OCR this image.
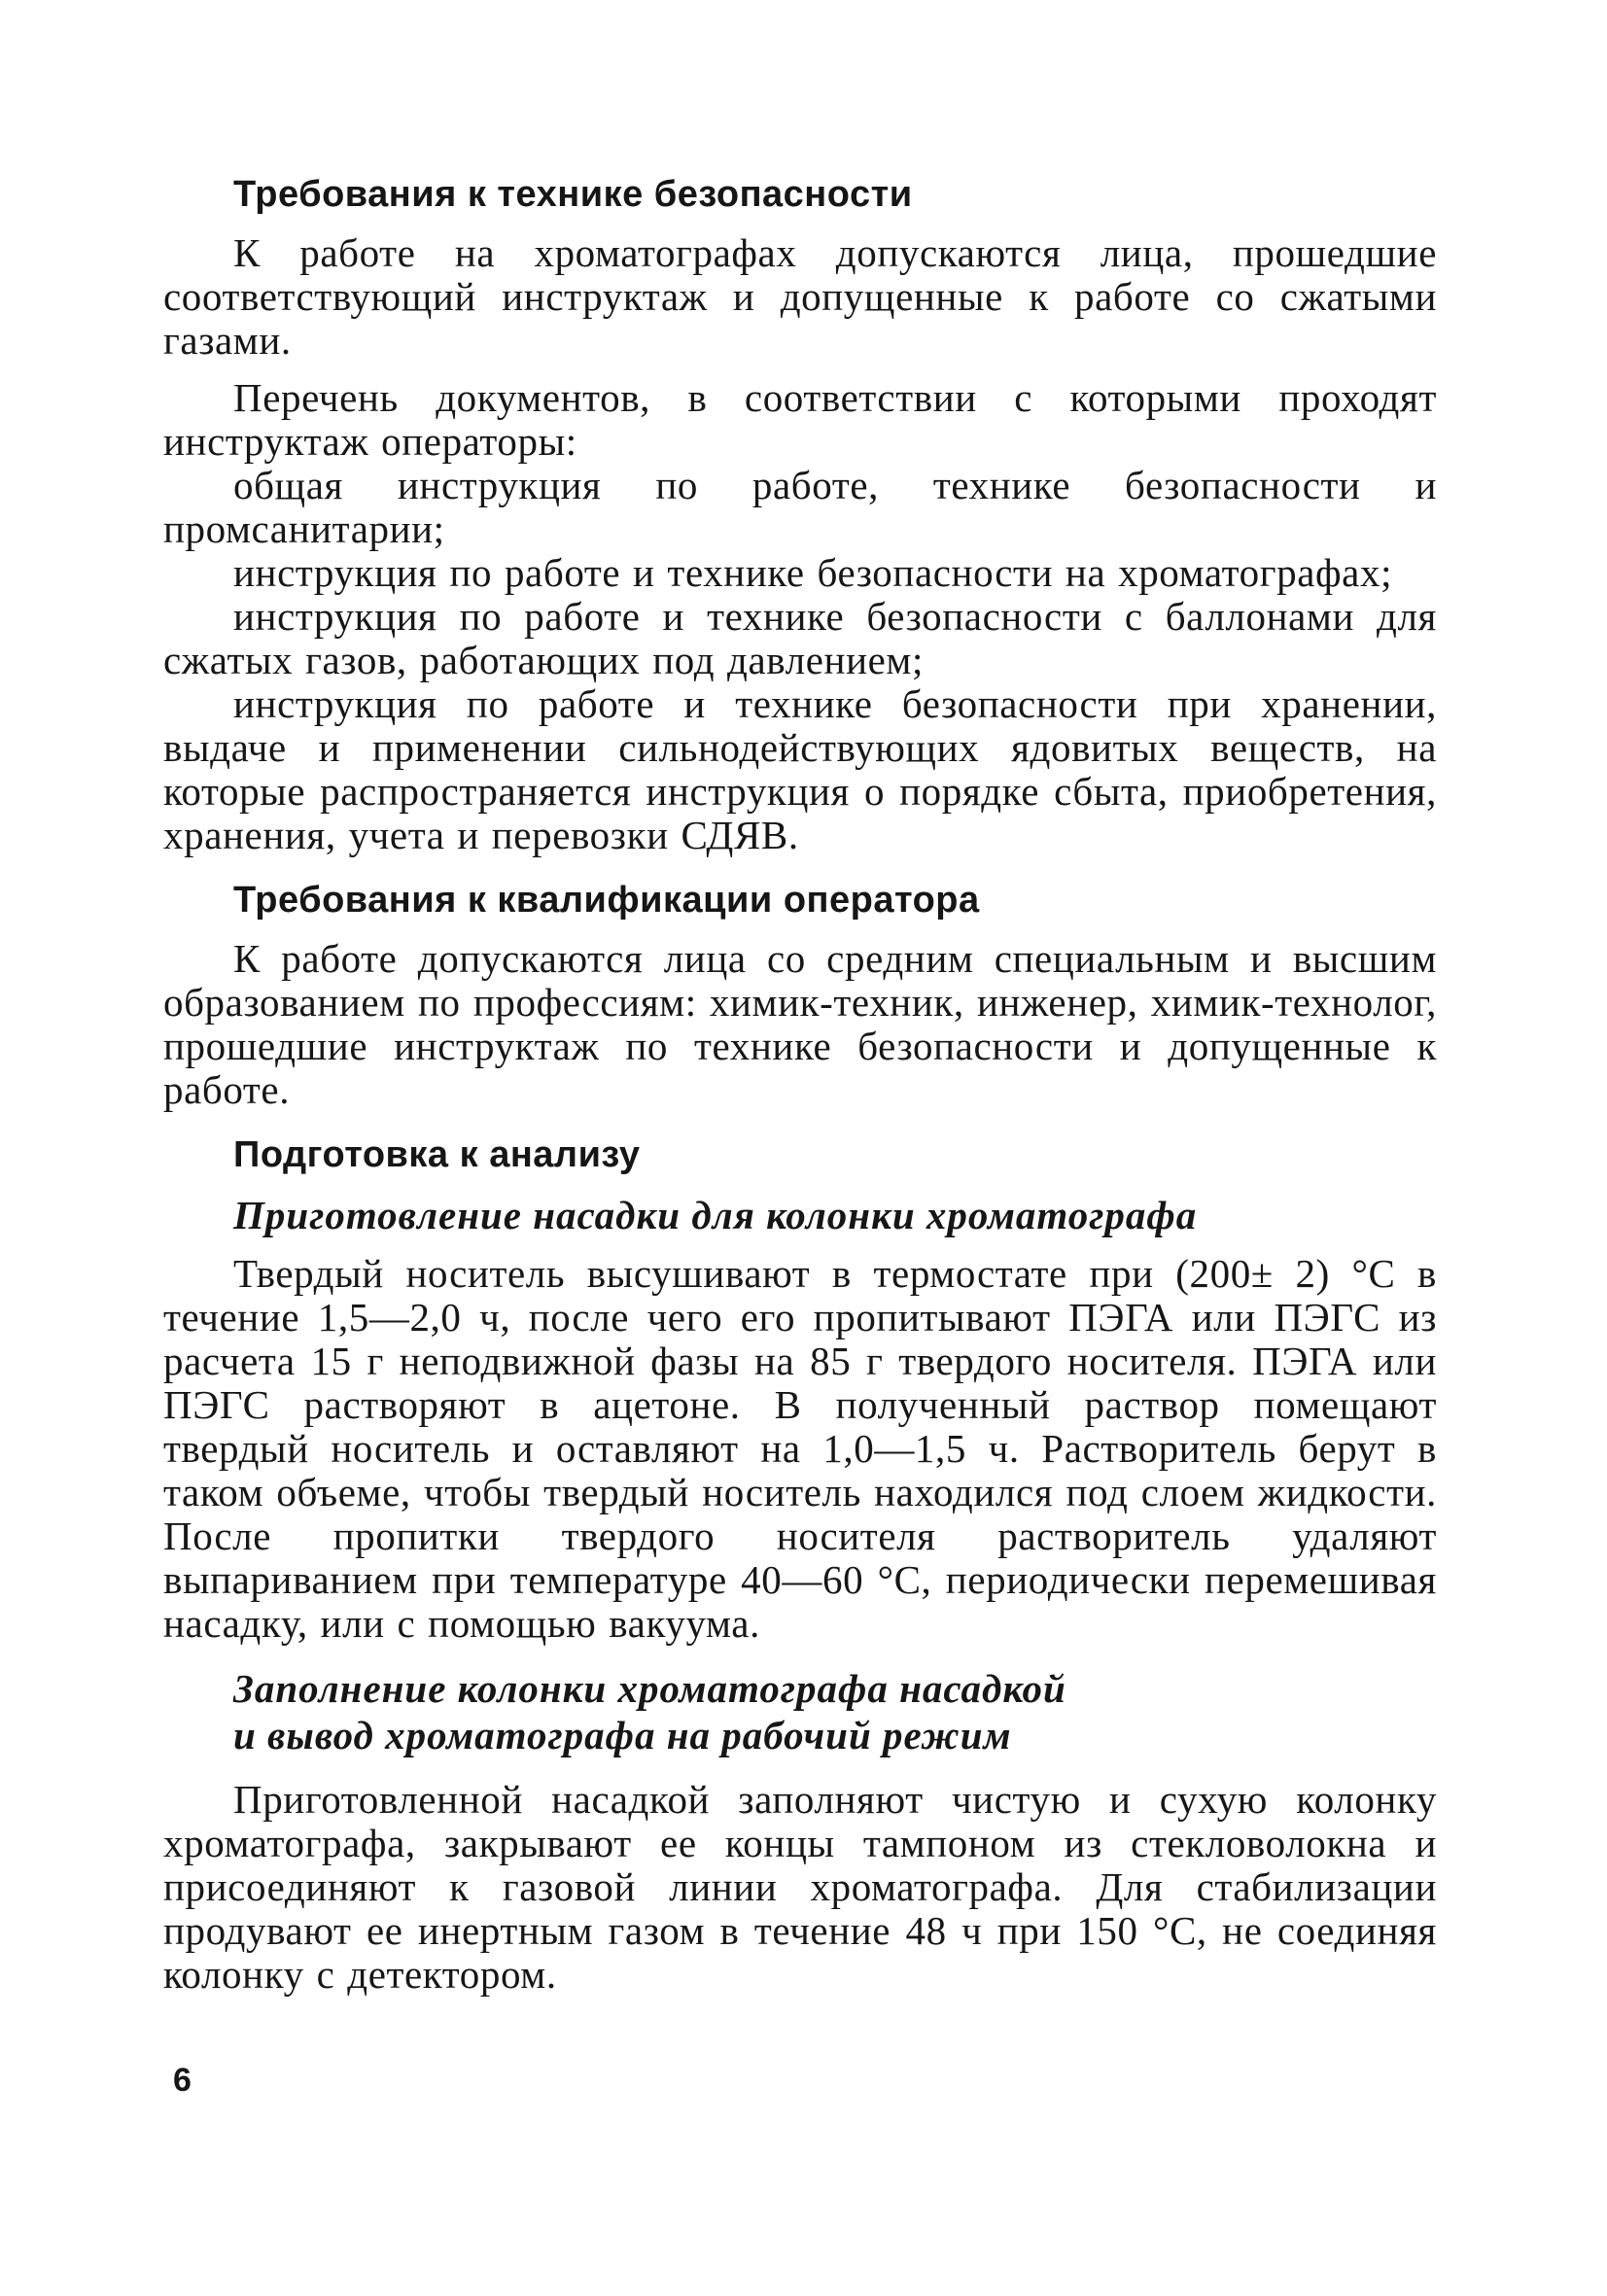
Требования к технике безопасности

К работе на хроматографах допускаются лица, прошедшие соответствующий инструктаж и допущенные к работе со сжатыми газами.

Перечень документов, в соответствии с которыми проходят инструктаж операторы:

общая инструкция по работе, технике безопасности и промсанитарии;

инструкция по работе и технике безопасности на хроматографах;

инструкция по работе и технике безопасности с баллонами для сжатых газов, работающих под давлением;

инструкция по работе и технике безопасности при хранении, выдаче и применении сильнодействующих ядовитых веществ, на которые распространяется инструкция о порядке сбыта, приобретения, хранения, учета и перевозки СДЯВ.

Требования к квалификации оператора

К работе допускаются лица со средним специальным и высшим образованием по профессиям: химик-техник, инженер, химик-технолог, прошедшие инструктаж по технике безопасности и допущенные к работе.

Подготовка к анализу
Приготовление насадки для колонки хроматографа

Твердый носитель высушивают в термостате при (200± 2) °С в течение 1,5—2,0 ч, после чего его пропитывают ПЭГА или ПЭГС из расчета 15 г неподвижной фазы на 85 г твердого носителя. ПЭГА или ПЭГС растворяют в ацетоне. В полученный раствор помещают твердый носитель и оставляют на 1,0—1,5 ч. Растворитель берут в таком объеме, чтобы твердый носитель находился под слоем жидкости. После пропитки твердого носителя растворитель удаляют выпариванием при температуре 40—60 °С, периодически перемешивая насадку, или с помощью вакуума.

Заполнение колонки хроматографа насадкой
и вывод хроматографа на рабочий режим

Приготовленной насадкой заполняют чистую и сухую колонку хроматографа, закрывают ее концы тампоном из стекловолокна и присоединяют к газовой линии хроматографа. Для стабилизации продувают ее инертным газом в течение 48 ч при 150 °С, не соединяя колонку с детектором.

6
